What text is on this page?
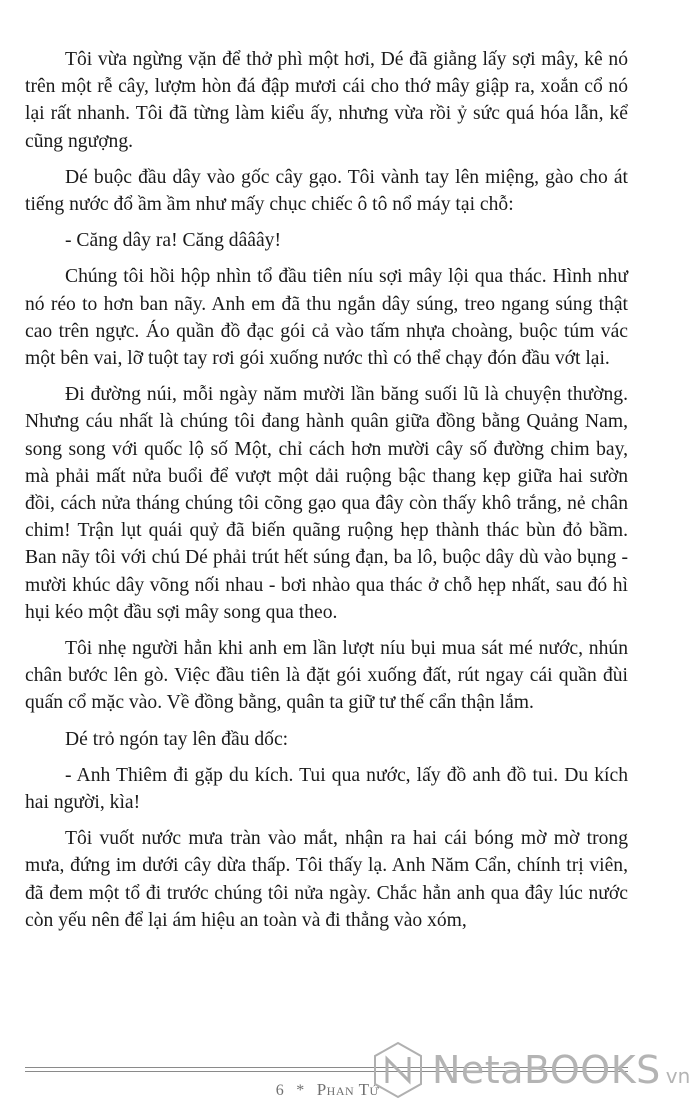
Tôi vừa ngừng vặn để thở phì một hơi, Dé đã giằng lấy sợi mây, kê nó trên một rễ cây, lượm hòn đá đập mươi cái cho thớ mây giập ra, xoắn cổ nó lại rất nhanh. Tôi đã từng làm kiểu ấy, nhưng vừa rồi ỷ sức quá hóa lẫn, kể cũng ngượng.

Dé buộc đầu dây vào gốc cây gạo. Tôi vành tay lên miệng, gào cho át tiếng nước đổ ầm ầm như mấy chục chiếc ô tô nổ máy tại chỗ:

- Căng dây ra! Căng dââây!

Chúng tôi hồi hộp nhìn tổ đầu tiên níu sợi mây lội qua thác. Hình như nó réo to hơn ban nãy. Anh em đã thu ngắn dây súng, treo ngang súng thật cao trên ngực. Áo quần đồ đạc gói cả vào tấm nhựa choàng, buộc túm vác một bên vai, lỡ tuột tay rơi gói xuống nước thì có thể chạy đón đầu vớt lại.

Đi đường núi, mỗi ngày năm mười lần băng suối lũ là chuyện thường. Nhưng cáu nhất là chúng tôi đang hành quân giữa đồng bằng Quảng Nam, song song với quốc lộ số Một, chỉ cách hơn mười cây số đường chim bay, mà phải mất nửa buổi để vượt một dải ruộng bậc thang kẹp giữa hai sườn đồi, cách nửa tháng chúng tôi cõng gạo qua đây còn thấy khô trắng, nẻ chân chim! Trận lụt quái quỷ đã biến quãng ruộng hẹp thành thác bùn đỏ bầm. Ban nãy tôi với chú Dé phải trút hết súng đạn, ba lô, buộc dây dù vào bụng - mười khúc dây võng nối nhau - bơi nhào qua thác ở chỗ hẹp nhất, sau đó hì hụi kéo một đầu sợi mây song qua theo.

Tôi nhẹ người hẳn khi anh em lần lượt níu bụi mua sát mé nước, nhún chân bước lên gò. Việc đầu tiên là đặt gói xuống đất, rút ngay cái quần đùi quấn cổ mặc vào. Về đồng bằng, quân ta giữ tư thế cẩn thận lắm.

Dé trỏ ngón tay lên đầu dốc:

- Anh Thiêm đi gặp du kích. Tui qua nước, lấy đồ anh đồ tui. Du kích hai người, kìa!

Tôi vuốt nước mưa tràn vào mắt, nhận ra hai cái bóng mờ mờ trong mưa, đứng im dưới cây dừa thấp. Tôi thấy lạ. Anh Năm Cẩn, chính trị viên, đã đem một tổ đi trước chúng tôi nửa ngày. Chắc hẳn anh qua đây lúc nước còn yếu nên để lại ám hiệu an toàn và đi thẳng vào xóm,

6 * Phan Tứ	NetaBOOKS vn
